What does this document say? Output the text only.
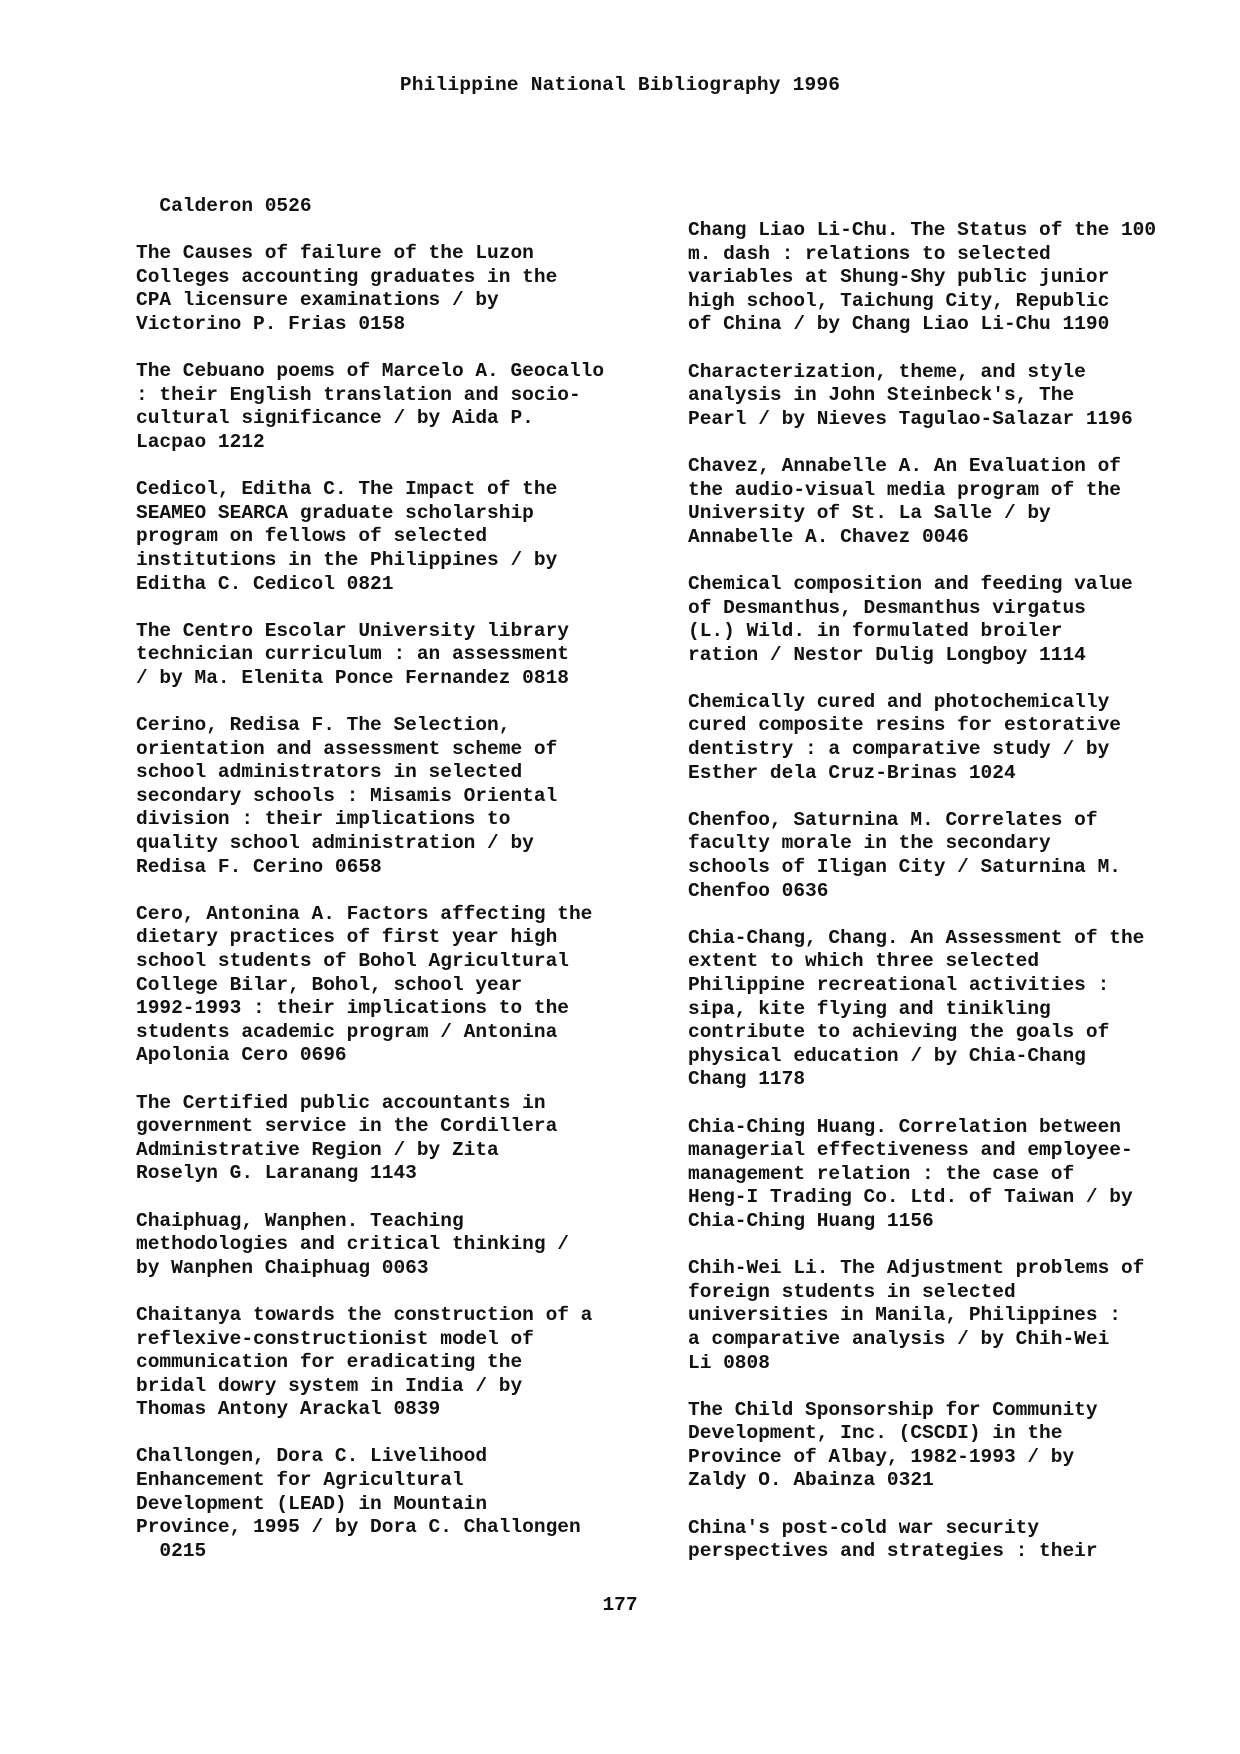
Philippine National Bibliography 1996
Calderon 0526
The Causes of failure of the Luzon
Colleges accounting graduates in the
CPA licensure examinations / by
Victorino P. Frias 0158
The Cebuano poems of Marcelo A. Geocallo
: their English translation and socio-
cultural significance / by Aida P.
Lacpao 1212
Cedicol, Editha C. The Impact of the
SEAMEO SEARCA graduate scholarship
program on fellows of selected
institutions in the Philippines / by
Editha C. Cedicol 0821
The Centro Escolar University library
technician curriculum : an assessment
/ by Ma. Elenita Ponce Fernandez 0818
Cerino, Redisa F. The Selection,
orientation and assessment scheme of
school administrators in selected
secondary schools : Misamis Oriental
division : their implications to
quality school administration / by
Redisa F. Cerino 0658
Cero, Antonina A. Factors affecting the
dietary practices of first year high
school students of Bohol Agricultural
College Bilar, Bohol, school year
1992-1993 : their implications to the
students academic program / Antonina
Apolonia Cero 0696
The Certified public accountants in
government service in the Cordillera
Administrative Region / by Zita
Roselyn G. Laranang 1143
Chaiphuag, Wanphen. Teaching
methodologies and critical thinking /
by Wanphen Chaiphuag 0063
Chaitanya towards the construction of a
reflexive-constructionist model of
communication for eradicating the
bridal dowry system in India / by
Thomas Antony Arackal 0839
Challongen, Dora C. Livelihood
Enhancement for Agricultural
Development (LEAD) in Mountain
Province, 1995 / by Dora C. Challongen
0215
Chang Liao Li-Chu. The Status of the 100
m. dash : relations to selected
variables at Shung-Shy public junior
high school, Taichung City, Republic
of China / by Chang Liao Li-Chu 1190
Characterization, theme, and style
analysis in John Steinbeck's, The
Pearl / by Nieves Tagulao-Salazar 1196
Chavez, Annabelle A. An Evaluation of
the audio-visual media program of the
University of St. La Salle / by
Annabelle A. Chavez 0046
Chemical composition and feeding value
of Desmanthus, Desmanthus virgatus
(L.) Wild. in formulated broiler
ration / Nestor Dulig Longboy 1114
Chemically cured and photochemically
cured composite resins for estorative
dentistry : a comparative study / by
Esther dela Cruz-Brinas 1024
Chenfoo, Saturnina M. Correlates of
faculty morale in the secondary
schools of Iligan City / Saturnina M.
Chenfoo 0636
Chia-Chang, Chang. An Assessment of the
extent to which three selected
Philippine recreational activities :
sipa, kite flying and tinikling
contribute to achieving the goals of
physical education / by Chia-Chang
Chang 1178
Chia-Ching Huang. Correlation between
managerial effectiveness and employee-
management relation : the case of
Heng-I Trading Co. Ltd. of Taiwan / by
Chia-Ching Huang 1156
Chih-Wei Li. The Adjustment problems of
foreign students in selected
universities in Manila, Philippines :
a comparative analysis / by Chih-Wei
Li 0808
The Child Sponsorship for Community
Development, Inc. (CSCDI) in the
Province of Albay, 1982-1993 / by
Zaldy O. Abainza 0321
China's post-cold war security
perspectives and strategies : their
177
